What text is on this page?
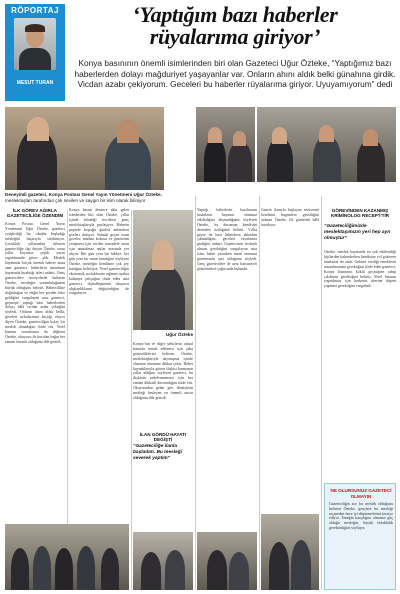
RÖPORTAJ
MESUT TURAN
‘Yaptığım bazı haberler
rüyalarıma giriyor’
Konya basınının önemli isimlerinden biri olan Gazeteci Uğur Öztekе, “Yaptığımız bazı haberlerden dolayı mağduriyet yaşayanlar var. Onların ahını aldık belki günahına girdik. Vicdan azabı çekiyorum. Geceleri bu haberler rüyalarıma giriyor. Uyuyamıyorum” dedi
Deneyimli gazeteci, Konya Postası Genel Yayın Yönetmeni Uğur Öztekе, meslektaşları tarafından çok sevilen ve saygın bir isim olarak biliniyor
İLK GÖREV AĞIRLA GAZETECİLİĞE ÖZENDİM
Konya Postası Genel Yayın Yönetmeni Uğur Öztekе, gazeteci yetiştirdiği bir okulda başladığı mesleğini başarıyla sürdürüyor. Çocukluk yıllarından itibaren gazeteciliğe ilgi duyan Öztekе, uzun yıllar boyunca çeşitli yayın organlarında görev aldı. Meslek hayatında birçok önemli habere imza atan gazeteci, haberlerin insanların hayatında bıraktığı izleri anlattı. Genç gazetecilere tavsiyelerde bulunan Öztekе, mesleğin sorumluluğunun büyük olduğunu belirtti. Habercilikte doğruluğun ve etiğin her şeyden önce geldiğini vurgulayan usta gazeteci, geçmişte yaptığı bazı haberlerden dolayı hâlâ vicdan azabı çektiğini söyledi. Onların ahını aldık belki, geceleri uykularımın kaçtığı oluyor diyen Öztekе, gazeteciliğin kolay bir meslek olmadığını ifade etti. Yerel basının sorunlarına da değinen Öztekе, okuyucu ile kurulan bağın her zaman önemli olduğunu dile getirdi.
Konya basını denince akla gelen isimlerden biri olan Öztekе, yıllar içinde edindiği tecrübeyi genç meslektaşlarıyla paylaşıyor. Haberin peşinde koştuğu günleri anlatırken gözleri doluyor. Sahada geçen uzun geceler, matbaa kokusu ve gazetenin yetişmesi için verilen mücadele onun için unutulmaz anılar arasında yer alıyor. Her gün yeni bir hikâye, her gün yeni bir insan tanıdığını söyleyen Öztekе, mesleğin kendisine çok şey kattığını belirtiyor. Yerel gazeteciliğin ekonomik zorluklarına rağmen ayakta kalmaya çalıştığını ifade eden usta gazeteci, dijitalleşmenin okuyucu alışkanlıklarını değiştirdiğini de vurguluyor.
Uğur Öztekе
Konya’nın ve diğer şehirlerin ulusal basında temsil edilmesi için çaba gösterdiklerini belirten Öztekе, meslektaşlarıyla dayanışma içinde olmanın önemine dikkat çekti. Haber kaynaklarıyla güven ilişkisi kurmanın yıllar aldığını söyleyen gazeteci, bu ilişkinin zedelenmemesi için her zaman dikkatli davrandığını ifade etti. Okuyucudan gelen geri dönüşlerin mesleği besleyen en önemli unsur olduğunu dile getirdi.
Yaptığı haberlerin bazılarının insanların hayatını olumsuz etkilediğini düşündüğünü söyleyen Öztekе, bu durumun kendisini derinden üzdüğünü belirtti. Yıllar geçse de bazı haberlerin aklından çıkmadığını, geceleri rüyalarına girdiğini anlattı. Gazetecinin vicdanlı olması gerektiğini vurgulayan usta isim, haber yazarken insan onurunu gözetmenin şart olduğunu söyledi. Genç gazetecilere de aynı hassasiyeti göstermeleri çağrısında bulundu.
Gazete ilanıyla başlayan serüvenin kendisini bugünlere getirdiğini anlatan Öztekе, ilk günlerini hâlâ hatırlıyor.
GÖREVİNDEN KAZANMIŞ KRİMİNOLOG RECEP’İ’TİR
“Gazeteciliğimizde meslektaşımızın yeri hep ayrı olmuştur”
Öztekе, meslek hayatında en çok etkilendiği kişilerden bahsederken kendisine yol gösteren ustalarını da andı. Onların verdiği emeklerin unutulmaması gerektiğini ifade eden gazeteci, Konya basınının köklü geçmişine sahip çıkılması gerektiğini belirtti. Yerel basının yaşatılması için herkesin üzerine düşeni yapması gerektiğini vurguladı.
İLAN GÖRDÜ HAYATI DEĞİŞTİ
“Gazeteciliğe ilanla başladım. Bu mesleği severek yaptım”
NE OLURSUNUZ GAZETECİ OLMAYIN
Gazeteciliğin zor bir meslek olduğunu belirten Öztekе, gençlere bu mesleği seçmeden önce iyi düşünmelerini tavsiye ediyor. Emeğin karşılığını almanın güç olduğu mesleğin, büyük fedakârlık gerektirdiğini söylüyor.
